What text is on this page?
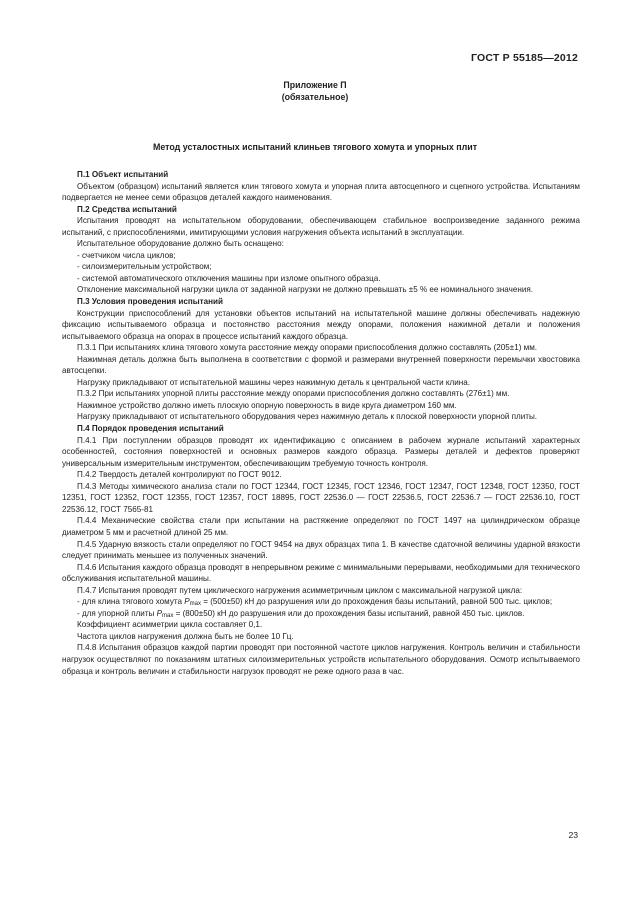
ГОСТ Р 55185—2012
Приложение П
(обязательное)
Метод усталостных испытаний клиньев тягового хомута и упорных плит

П.1 Объект испытаний

Объектом (образцом) испытаний является клин тягового хомута и упорная плита автосцепного и сцепного устройства. Испытаниям подвергается не менее семи образцов деталей каждого наименования.

П.2 Средства испытаний

Испытания проводят на испытательном оборудовании, обеспечивающем стабильное воспроизведение заданного режима испытаний, с приспособлениями, имитирующими условия нагружения объекта испытаний в эксплуатации.

Испытательное оборудование должно быть оснащено:

- счетчиком числа циклов;

- силоизмерительным устройством;

- системой автоматического отключения машины при изломе опытного образца.

Отклонение максимальной нагрузки цикла от заданной нагрузки не должно превышать ±5 % ее номинального значения.

П.3 Условия проведения испытаний

Конструкции приспособлений для установки объектов испытаний на испытательной машине должны обеспечивать надежную фиксацию испытываемого образца и постоянство расстояния между опорами, положения нажимной детали и положения испытываемого образца на опорах в процессе испытаний каждого образца.

П.3.1 При испытаниях клина тягового хомута расстояние между опорами приспособления должно составлять (205±1) мм.

Нажимная деталь должна быть выполнена в соответствии с формой и размерами внутренней поверхности перемычки хвостовика автосцепки.

Нагрузку прикладывают от испытательной машины через нажимную деталь к центральной части клина.

П.3.2 При испытаниях упорной плиты расстояние между опорами приспособления должно составлять (276±1) мм.

Нажимное устройство должно иметь плоскую опорную поверхность в виде круга диаметром 160 мм.

Нагрузку прикладывают от испытательного оборудования через нажимную деталь к плоской поверхности упорной плиты.

П.4 Порядок проведения испытаний

П.4.1 При поступлении образцов проводят их идентификацию с описанием в рабочем журнале испытаний характерных особенностей, состояния поверхностей и основных размеров каждого образца. Размеры деталей и дефектов проверяют универсальным измерительным инструментом, обеспечивающим требуемую точность контроля.

П.4.2 Твердость деталей контролируют по ГОСТ 9012.

П.4.3 Методы химического анализа стали по ГОСТ 12344, ГОСТ 12345, ГОСТ 12346, ГОСТ 12347, ГОСТ 12348, ГОСТ 12350, ГОСТ 12351, ГОСТ 12352, ГОСТ 12355, ГОСТ 12357, ГОСТ 18895, ГОСТ 22536.0 — ГОСТ 22536.5, ГОСТ 22536.7 — ГОСТ 22536.10, ГОСТ 22536.12, ГОСТ 7565-81

П.4.4 Механические свойства стали при испытании на растяжение определяют по ГОСТ 1497 на цилиндрическом образце диаметром 5 мм и расчетной длиной 25 мм.

П.4.5 Ударную вязкость стали определяют по ГОСТ 9454 на двух образцах типа 1. В качестве сдаточной величины ударной вязкости следует принимать меньшее из полученных значений.

П.4.6 Испытания каждого образца проводят в непрерывном режиме с минимальными перерывами, необходимыми для технического обслуживания испытательной машины.

П.4.7 Испытания проводят путем циклического нагружения асимметричным циклом с максимальной нагрузкой цикла:

- для клина тягового хомута $P_{max} = (500\pm 50)$ кН до разрушения или до прохождения базы испытаний, равной 500 тыс. циклов;

- для упорной плиты $P_{max} = (800\pm 50)$ кН до разрушения или до прохождения базы испытаний, равной 450 тыс. циклов.

Коэффициент асимметрии цикла составляет 0,1.

Частота циклов нагружения должна быть не более 10 Гц.

П.4.8 Испытания образцов каждой партии проводят при постоянной частоте циклов нагружения. Контроль величин и стабильности нагрузок осуществляют по показаниям штатных силоизмерительных устройств испытательного оборудования. Осмотр испытываемого образца и контроль величин и стабильности нагрузок проводят не реже одного раза в час.

23
